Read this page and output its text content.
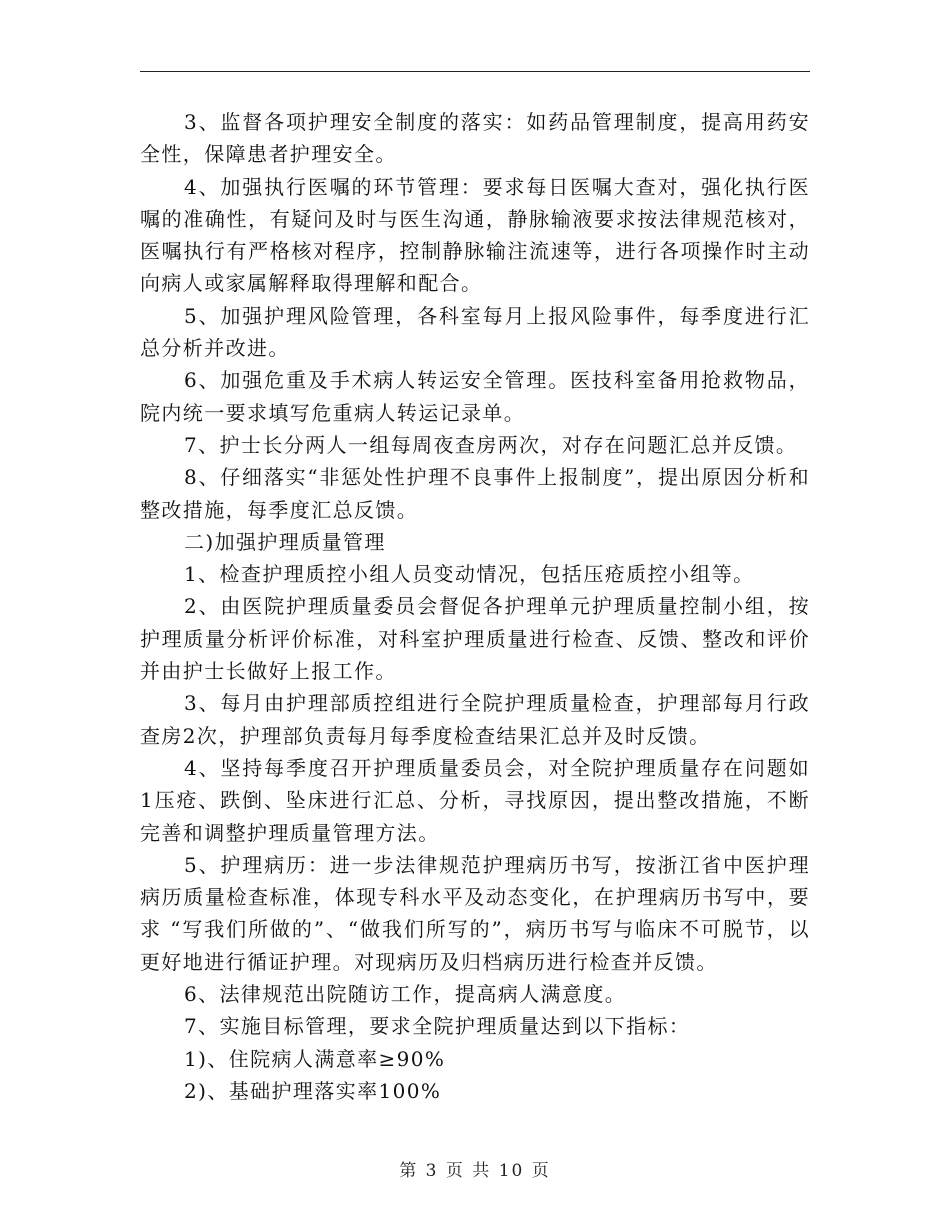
3、监督各项护理安全制度的落实：如药品管理制度，提高用药安全性，保障患者护理安全。

4、加强执行医嘱的环节管理：要求每日医嘱大查对，强化执行医嘱的准确性，有疑问及时与医生沟通，静脉输液要求按法律规范核对，医嘱执行有严格核对程序，控制静脉输注流速等，进行各项操作时主动向病人或家属解释取得理解和配合。

5、加强护理风险管理，各科室每月上报风险事件，每季度进行汇总分析并改进。

6、加强危重及手术病人转运安全管理。医技科室备用抢救物品，院内统一要求填写危重病人转运记录单。

7、护士长分两人一组每周夜查房两次，对存在问题汇总并反馈。

8、仔细落实“非惩处性护理不良事件上报制度”，提出原因分析和整改措施，每季度汇总反馈。

二)加强护理质量管理

1、检查护理质控小组人员变动情况，包括压疮质控小组等。

2、由医院护理质量委员会督促各护理单元护理质量控制小组，按护理质量分析评价标准，对科室护理质量进行检查、反馈、整改和评价并由护士长做好上报工作。

3、每月由护理部质控组进行全院护理质量检查，护理部每月行政查房2次，护理部负责每月每季度检查结果汇总并及时反馈。

4、坚持每季度召开护理质量委员会，对全院护理质量存在问题如1压疮、跌倒、坠床进行汇总、分析，寻找原因，提出整改措施，不断完善和调整护理质量管理方法。

5、护理病历：进一步法律规范护理病历书写，按浙江省中医护理病历质量检查标准，体现专科水平及动态变化，在护理病历书写中，要求 “写我们所做的”、“做我们所写的”，病历书写与临床不可脱节，以更好地进行循证护理。对现病历及归档病历进行检查并反馈。

6、法律规范出院随访工作，提高病人满意度。

7、实施目标管理，要求全院护理质量达到以下指标：

1)、住院病人满意率≥90%

2)、基础护理落实率100%

第 3 页 共 10 页
